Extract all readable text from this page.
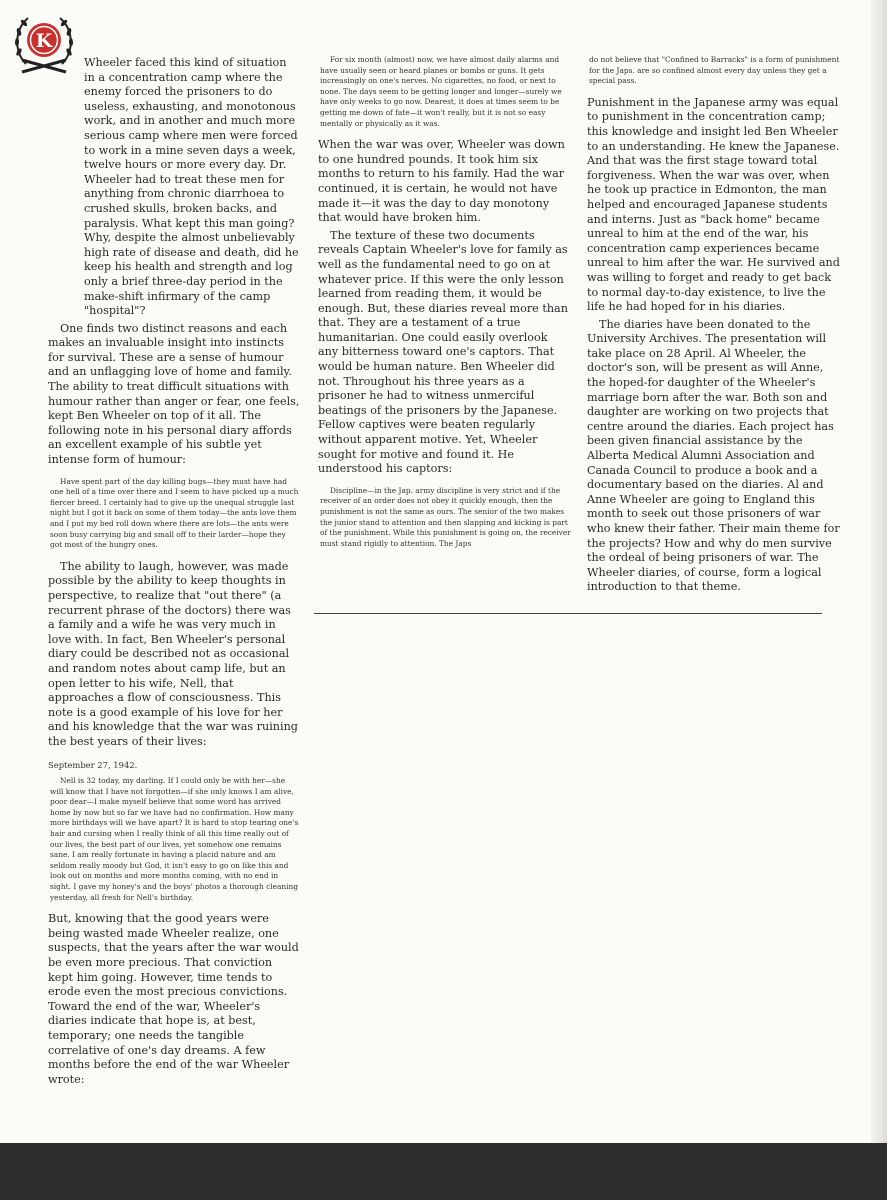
K

Wheeler faced this kind of situation in a concentration camp where the enemy forced the prisoners to do useless, exhausting, and monotonous work, and in another and much more serious camp where men were forced to work in a mine seven days a week, twelve hours or more every day. Dr. Wheeler had to treat these men for anything from chronic diarrhoea to crushed skulls, broken backs, and paralysis. What kept this man going? Why, despite the almost unbelievably high rate of disease and death, did he keep his health and strength and log only a brief three-day period in the make-shift infirmary of the camp "hospital"?

One finds two distinct reasons and each makes an invaluable insight into instincts for survival. These are a sense of humour and an unflagging love of home and family. The ability to treat difficult situations with humour rather than anger or fear, one feels, kept Ben Wheeler on top of it all. The following note in his personal diary affords an excellent example of his subtle yet intense form of humour:

Have spent part of the day killing bugs—they must have had one hell of a time over there and I seem to have picked up a much fiercer breed. I certainly had to give up the unequal struggle last night but I got it back on some of them today—the ants love them and I put my bed roll down where there are lots—the ants were soon busy carrying big and small off to their larder—hope they got most of the hungry ones.

The ability to laugh, however, was made possible by the ability to keep thoughts in perspective, to realize that "out there" (a recurrent phrase of the doctors) there was a family and a wife he was very much in love with. In fact, Ben Wheeler's personal diary could be described not as occasional and random notes about camp life, but an open letter to his wife, Nell, that approaches a flow of consciousness. This note is a good example of his love for her and his knowledge that the war was ruining the best years of their lives:

September 27, 1942.
Nell is 32 today, my darling. If I could only be with her—she will know that I have not forgotten—if she only knows I am alive, poor dear—I make myself believe that some word has arrived home by now but so far we have had no confirmation. How many more birthdays will we have apart? It is hard to stop tearing one's hair and cursing when I really think of all this time really out of our lives, the best part of our lives, yet somehow one remains sane. I am really fortunate in having a placid nature and am seldom really moody but God, it isn't easy to go on like this and look out on months and more months coming, with no end in sight. I gave my honey's and the boys' photos a thorough cleaning yesterday, all fresh for Nell's birthday.

But, knowing that the good years were being wasted made Wheeler realize, one suspects, that the years after the war would be even more precious. That conviction kept him going. However, time tends to erode even the most precious convictions. Toward the end of the war, Wheeler's diaries indicate that hope is, at best, temporary; one needs the tangible correlative of one's day dreams. A few months before the end of the war Wheeler wrote:

For six month (almost) now, we have almost daily alarms and have usually seen or heard planes or bombs or guns. It gets increasingly on one's nerves. No cigarettes, no food, or next to none. The days seem to be getting longer and longer—surely we have only weeks to go now. Dearest, it does at times seem to be getting me down of fate—it won't really, but it is not so easy mentally or physically as it was.

When the war was over, Wheeler was down to one hundred pounds. It took him six months to return to his family. Had the war continued, it is certain, he would not have made it—it was the day to day monotony that would have broken him.

The texture of these two documents reveals Captain Wheeler's love for family as well as the fundamental need to go on at whatever price. If this were the only lesson learned from reading them, it would be enough. But, these diaries reveal more than that. They are a testament of a true humanitarian. One could easily overlook any bitterness toward one's captors. That would be human nature. Ben Wheeler did not. Throughout his three years as a prisoner he had to witness unmerciful beatings of the prisoners by the Japanese. Fellow captives were beaten regularly without apparent motive. Yet, Wheeler sought for motive and found it. He understood his captors:

Discipline—in the Jap. army discipline is very strict and if the receiver of an order does not obey it quickly enough, then the punishment is not the same as ours. The senior of the two makes the junior stand to attention and then slapping and kicking is part of the punishment. While this punishment is going on, the receiver must stand rigidly to attention. The Japs
do not believe that "Confined to Barracks" is a form of punishment for the Japs. are so confined almost every day unless they get a special pass.

Punishment in the Japanese army was equal to punishment in the concentration camp; this knowledge and insight led Ben Wheeler to an understanding. He knew the Japanese. And that was the first stage toward total forgiveness. When the war was over, when he took up practice in Edmonton, the man helped and encouraged Japanese students and interns. Just as "back home" became unreal to him at the end of the war, his concentration camp experiences became unreal to him after the war. He survived and was willing to forget and ready to get back to normal day-to-day existence, to live the life he had hoped for in his diaries.

The diaries have been donated to the University Archives. The presentation will take place on 28 April. Al Wheeler, the doctor's son, will be present as will Anne, the hoped-for daughter of the Wheeler's marriage born after the war. Both son and daughter are working on two projects that centre around the diaries. Each project has been given financial assistance by the Alberta Medical Alumni Association and Canada Council to produce a book and a documentary based on the diaries. Al and Anne Wheeler are going to England this month to seek out those prisoners of war who knew their father. Their main theme for the projects? How and why do men survive the ordeal of being prisoners of war. The Wheeler diaries, of course, form a logical introduction to that theme.
